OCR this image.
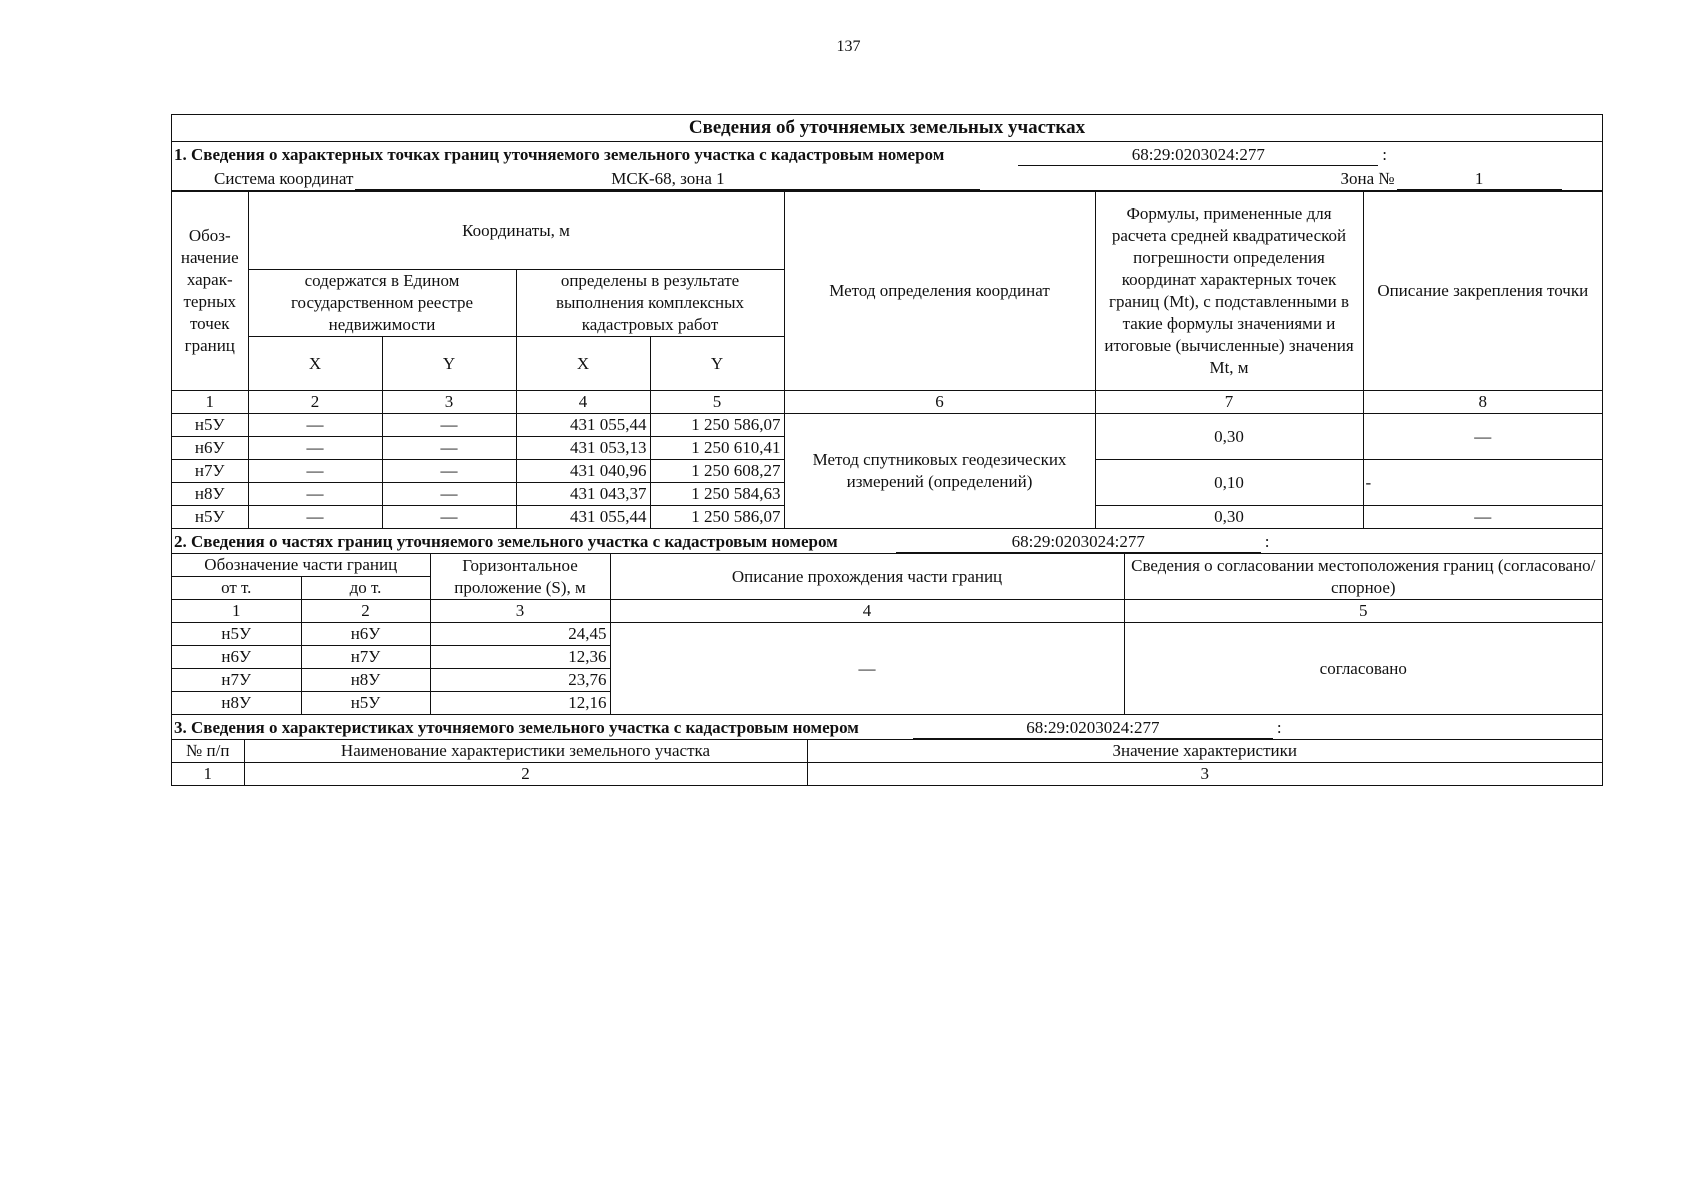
137
Сведения об уточняемых земельных участках
1. Сведения о характерных точках границ уточняемого земельного участка с кадастровым номером	68:29:0203024:277	:
Система координат	МСК-68, зона 1	Зона №	1
Обоз-начение харак-терных точек границ	Координаты, м				Метод определения координат	Формулы, примененные для расчета средней квадратической погрешности определения координат характерных точек границ (Mt), с подставленными в такие формулы значениями и итоговые (вычисленные) значения Mt, м	Описание закрепления точки
	содержатся в Едином государственном реестре недвижимости		определены в результате выполнения комплексных кадастровых работ				
	X	Y	X	Y			
1	2	3	4	5	6	7	8
н5У	—	—	431 055,44	1 250 586,07	Метод спутниковых геодезических измерений (определений)	0,30	—
н6У	—	—	431 053,13	1 250 610,41			
н7У	—	—	431 040,96	1 250 608,27		0,10	-
н8У	—	—	431 043,37	1 250 584,63			
н5У	—	—	431 055,44	1 250 586,07		0,30	—
2. Сведения о частях границ уточняемого земельного участка с кадастровым номером	68:29:0203024:277	:
Обозначение части границ		Горизонтальное проложение (S), м	Описание прохождения части границ	Сведения о согласовании местоположения границ (согласовано/спорное)
от т.	до т.			
1	2	3	4	5
н5У	н6У	24,45	—	согласовано
н6У	н7У	12,36		
н7У	н8У	23,76		
н8У	н5У	12,16		
3. Сведения о характеристиках уточняемого земельного участка с кадастровым номером	68:29:0203024:277	:
№ п/п	Наименование характеристики земельного участка	Значение характеристики
1	2	3
